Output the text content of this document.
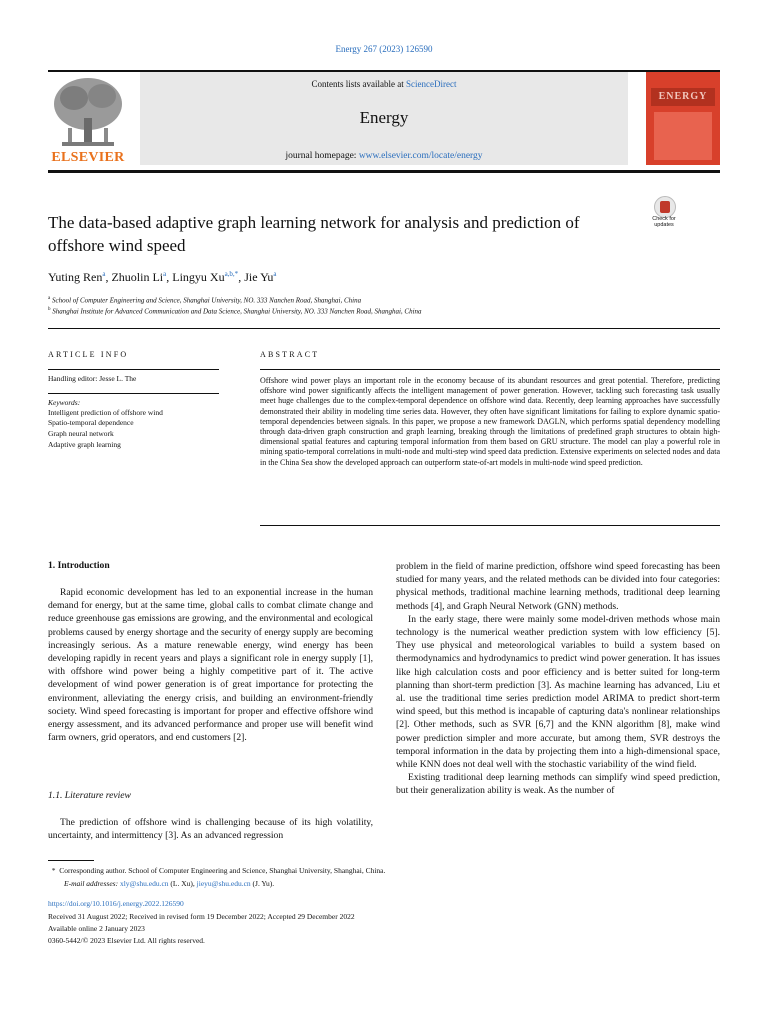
Energy 267 (2023) 126590
ELSEVIER
Contents lists available at ScienceDirect
Energy
journal homepage: www.elsevier.com/locate/energy
ENERGY
The data-based adaptive graph learning network for analysis and prediction of offshore wind speed
Check for updates
Yuting Ren$^a$, Zhuolin Li$^a$, Lingyu $Xu^{a,b,*}$, Jie Yu$^a$
$^a$ School of Computer Engineering and Science, Shanghai University, NO. 333 Nanchen Road, Shanghai, China
$^b$ Shanghai Institute for Advanced Communication and Data Science, Shanghai University, NO. 333 Nanchen Road, Shanghai, China
ARTICLE INFO
Handling editor: Jesse L. The
Keywords:
Intelligent prediction of offshore wind
Spatio-temporal dependence
Graph neural network
Adaptive graph learning
ABSTRACT
Offshore wind power plays an important role in the economy because of its abundant resources and great potential. Therefore, predicting offshore wind power significantly affects the intelligent management of power generation. However, tackling such forecasting task usually meet huge challenges due to the complex-temporal dependence on offshore wind data. Recently, deep learning approaches have successfully demonstrated their ability in modeling time series data. However, they often have significant limitations for failing to explore dynamic spatio-temporal dependencies between signals. In this paper, we propose a new framework DAGLN, which performs spatial dependency modelling through data-driven graph construction and graph learning, breaking through the limitations of predefined graph structures to obtain high-dimensional spatial features and capturing temporal information from them based on GRU structure. The model can play a powerful role in mining spatio-temporal correlations in multi-node and multi-step wind speed data prediction. Extensive experiments on selected nodes and data in the China Sea show the developed approach can outperform state-of-art models in multi-node wind speed prediction.
1. Introduction

Rapid economic development has led to an exponential increase in the human demand for energy, but at the same time, global calls to combat climate change and reduce greenhouse gas emissions are growing, and the environmental and ecological problems caused by energy shortage and the security of energy supply are becoming increasingly serious. As a mature renewable energy, wind energy has been developing rapidly in recent years and plays a significant role in energy supply [1], with offshore wind power being a highly competitive part of it. The active development of wind power generation is of great importance for protecting the environment, alleviating the energy crisis, and building an environment-friendly society. Wind speed forecasting is important for proper and effective offshore wind energy assessment, and its advanced performance and proper use will benefit wind farm owners, grid operators, and end customers [2].

1.1. Literature review

The prediction of offshore wind is challenging because of its high volatility, uncertainty, and intermittency [3]. As an advanced regression

problem in the field of marine prediction, offshore wind speed forecasting has been studied for many years, and the related methods can be divided into four categories: physical methods, traditional machine learning methods, traditional deep learning methods [4], and Graph Neural Network (GNN) methods.

In the early stage, there were mainly some model-driven methods whose main technology is the numerical weather prediction system with low efficiency [5]. They use physical and meteorological variables to build a system based on thermodynamics and hydrodynamics to predict wind power generation. It has issues like high calculation costs and poor efficiency and is better suited for long-term planning than short-term prediction [3]. As machine learning has advanced, Liu et al. use the traditional time series prediction model ARIMA to predict short-term wind speed, but this method is incapable of capturing data's nonlinear relationships [2]. Other methods, such as SVR [6,7] and the KNN algorithm [8], make wind power prediction simpler and more accurate, but among them, SVR destroys the temporal information in the data by projecting them into a high-dimensional space, while KNN does not deal well with the stochastic variability of the wind field.

Existing traditional deep learning methods can simplify wind speed prediction, but their generalization ability is weak. As the number of

*  Corresponding author. School of Computer Engineering and Science, Shanghai University, Shanghai, China.
E-mail addresses: xly@shu.edu.cn (L. Xu), jieyu@shu.edu.cn (J. Yu).
https://doi.org/10.1016/j.energy.2022.126590
Received 31 August 2022; Received in revised form 19 December 2022; Accepted 29 December 2022
Available online 2 January 2023
0360-5442/© 2023 Elsevier Ltd. All rights reserved.
